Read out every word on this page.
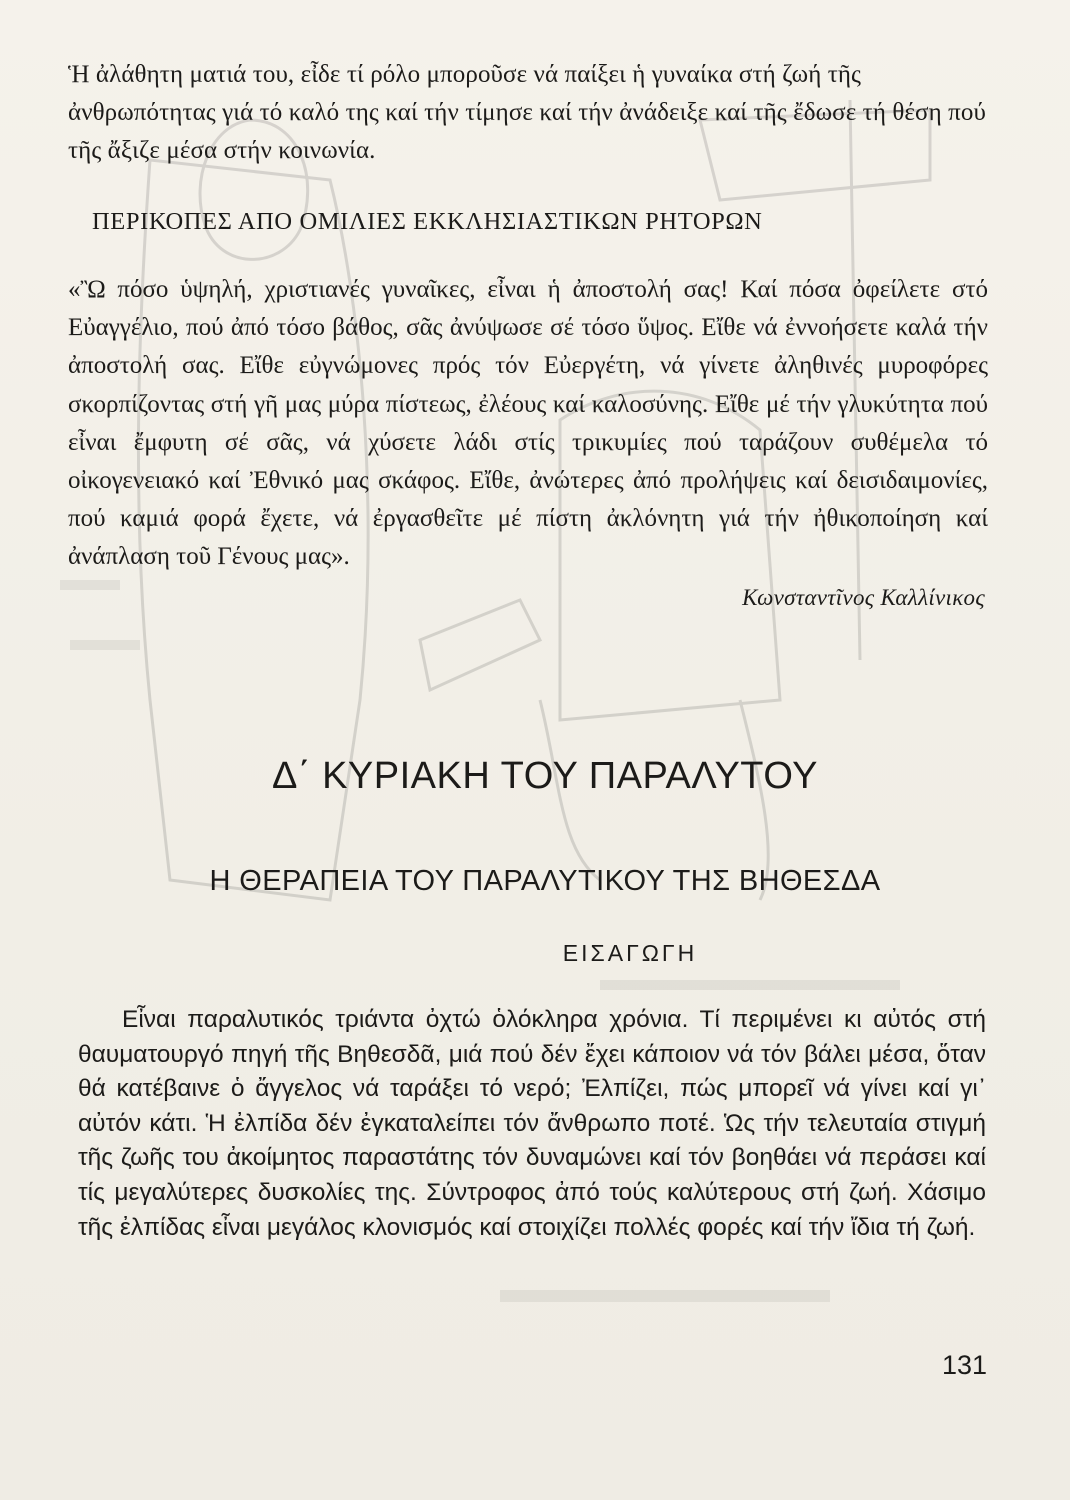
Ἡ ἀλάθητη ματιά του, εἶδε τί ρόλο μποροῦσε νά παίξει ἡ γυναίκα στή ζωή τῆς ἀνθρωπότητας γιά τό καλό της καί τήν τίμησε καί τήν ἀνάδειξε καί τῆς ἔδωσε τή θέση πού τῆς ἄξιζε μέσα στήν κοινωνία.
ΠΕΡΙΚΟΠΕΣ ΑΠΟ ΟΜΙΛΙΕΣ ΕΚΚΛΗΣΙΑΣΤΙΚΩΝ ΡΗΤΟΡΩΝ
«Ὢ πόσο ὑψηλή, χριστιανές γυναῖκες, εἶναι ἡ ἀποστολή σας! Καί πόσα ὀφείλετε στό Εὐαγγέλιο, πού ἀπό τόσο βάθος, σᾶς ἀνύψωσε σέ τόσο ὕψος. Εἴθε νά ἐννοήσετε καλά τήν ἀποστολή σας. Εἴθε εὐγνώμονες πρός τόν Εὐεργέτη, νά γίνετε ἀληθινές μυροφόρες σκορπίζοντας στή γῆ μας μύρα πίστεως, ἐλέους καί καλοσύνης. Εἴθε μέ τήν γλυκύτητα πού εἶναι ἔμφυτη σέ σᾶς, νά χύσετε λάδι στίς τρικυμίες πού ταράζουν συθέμελα τό οἰκογενειακό καί Ἐθνικό μας σκάφος. Εἴθε, ἀνώτερες ἀπό προλήψεις καί δεισιδαιμονίες, πού καμιά φορά ἔχετε, νά ἐργασθεῖτε μέ πίστη ἀκλόνητη γιά τήν ἠθικοποίηση καί ἀνάπλαση τοῦ Γένους μας».
Κωνσταντῖνος Καλλίνικος
Δ΄ ΚΥΡΙΑΚΗ ΤΟΥ ΠΑΡΑΛΥΤΟΥ
Η ΘΕΡΑΠΕΙΑ ΤΟΥ ΠΑΡΑΛΥΤΙΚΟΥ ΤΗΣ ΒΗΘΕΣΔΑ
ΕΙΣΑΓΩΓΗ
Εἶναι παραλυτικός τριάντα ὀχτώ ὁλόκληρα χρόνια. Τί περιμένει κι αὐτός στή θαυματουργό πηγή τῆς Βηθεσδᾶ, μιά πού δέν ἔχει κάποιον νά τόν βάλει μέσα, ὅταν θά κατέβαινε ὁ ἄγγελος νά ταράξει τό νερό; Ἐλπίζει, πώς μπορεῖ νά γίνει καί γι᾽ αὐτόν κάτι. Ἡ ἐλπίδα δέν ἐγκαταλείπει τόν ἄνθρωπο ποτέ. Ὡς τήν τελευταία στιγμή τῆς ζωῆς του ἀκοίμητος παραστάτης τόν δυναμώνει καί τόν βοηθάει νά περάσει καί τίς μεγαλύτερες δυσκολίες της. Σύντροφος ἀπό τούς καλύτερους στή ζωή. Χάσιμο τῆς ἐλπίδας εἶναι μεγάλος κλονισμός καί στοιχίζει πολλές φορές καί τήν ἴδια τή ζωή.
131
